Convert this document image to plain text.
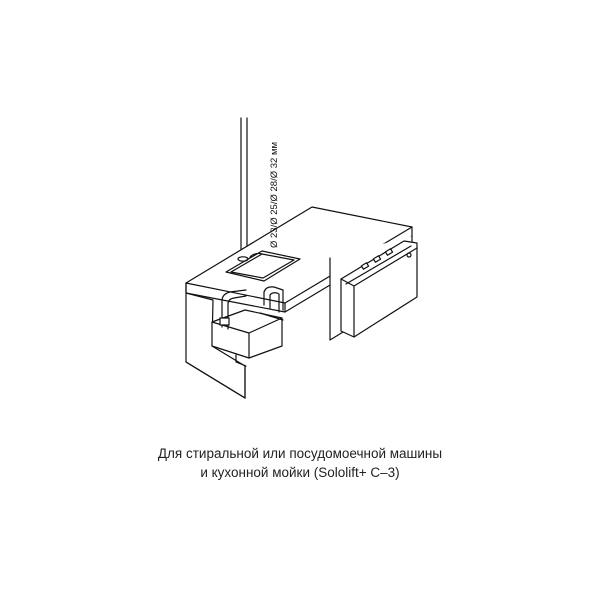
Ø 23/Ø 25/Ø 28/Ø 32 мм
Для стиральной или посудомоечной машины
и кухонной мойки (Sololift+ C–3)
